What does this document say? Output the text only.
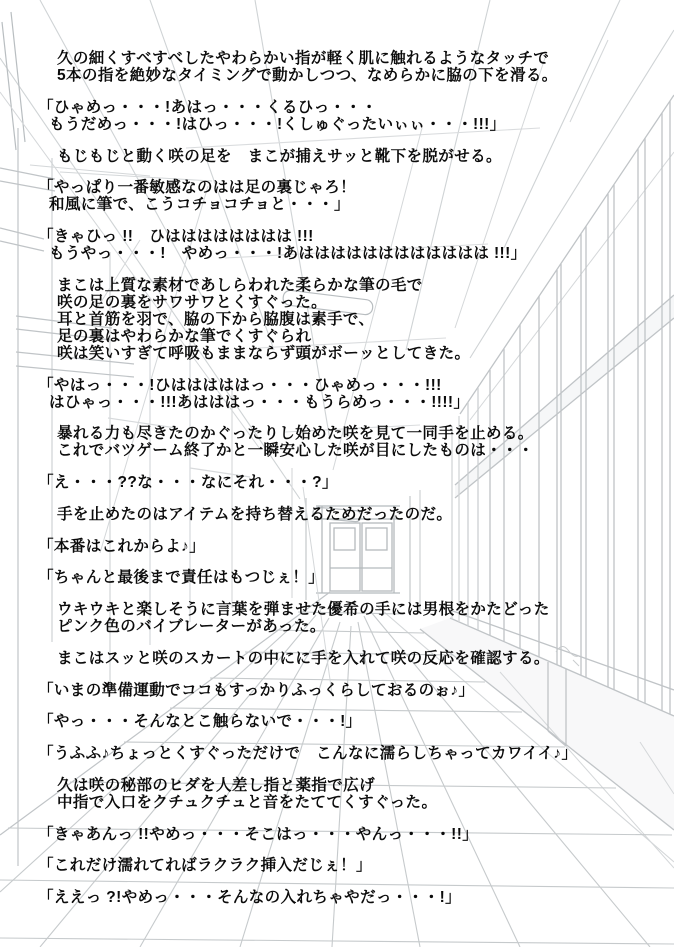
久の細くすべすべしたやわらかい指が軽く肌に触れるようなタッチで
5本の指を絶妙なタイミングで動かしつつ、なめらかに脇の下を滑る。
「ひゃめっ・・・!あはっ・・・くるひっ・・・
もうだめっ・・・!はひっ・・・!くしゅぐったいぃぃ・・・!!!」
もじもじと動く咲の足を　まこが捕えサッと靴下を脱がせる。
「やっぱり一番敏感なのはは足の裏じゃろ！
和風に筆で、こうコチョコチョと・・・」
「きゃひっ !!　ひはははははははは !!!
もうやっ・・・!　やめっ・・・!あはははははははははははは !!!」
まこは上質な素材であしらわれた柔らかな筆の毛で
咲の足の裏をサワサワとくすぐった。
耳と首筋を羽で、脇の下から脇腹は素手で、
足の裏はやわらかな筆でくすぐられ
咲は笑いすぎて呼吸もままならず頭がボーッとしてきた。
「やはっ・・・!ひはははははっ・・・ひゃめっ・・・!!!
はひゃっ・・・!!!あはははっ・・・もうらめっ・・・!!!!」
暴れる力も尽きたのかぐったりし始めた咲を見て一同手を止める。
これでバツゲーム終了かと一瞬安心した咲が目にしたものは・・・
「え・・・??な・・・なにそれ・・・?」
手を止めたのはアイテムを持ち替えるためだったのだ。
「本番はこれからよ♪」
「ちゃんと最後まで責任はもつじぇ！」
ウキウキと楽しそうに言葉を弾ませた優希の手には男根をかたどった
ピンク色のバイブレーターがあった。
まこはスッと咲のスカートの中にに手を入れて咲の反応を確認する。
「いまの準備運動でココもすっかりふっくらしておるのぉ♪」
「やっ・・・そんなとこ触らないで・・・!」
「うふふ♪ちょっとくすぐっただけで　こんなに濡らしちゃってカワイイ♪」
久は咲の秘部のヒダを人差し指と薬指で広げ
中指で入口をクチュクチュと音をたててくすぐった。
「きゃあんっ !!やめっ・・・そこはっ・・・やんっ・・・!!」
「これだけ濡れてればラクラク挿入だじぇ！」
「ええっ ?!やめっ・・・そんなの入れちゃやだっ・・・!」
